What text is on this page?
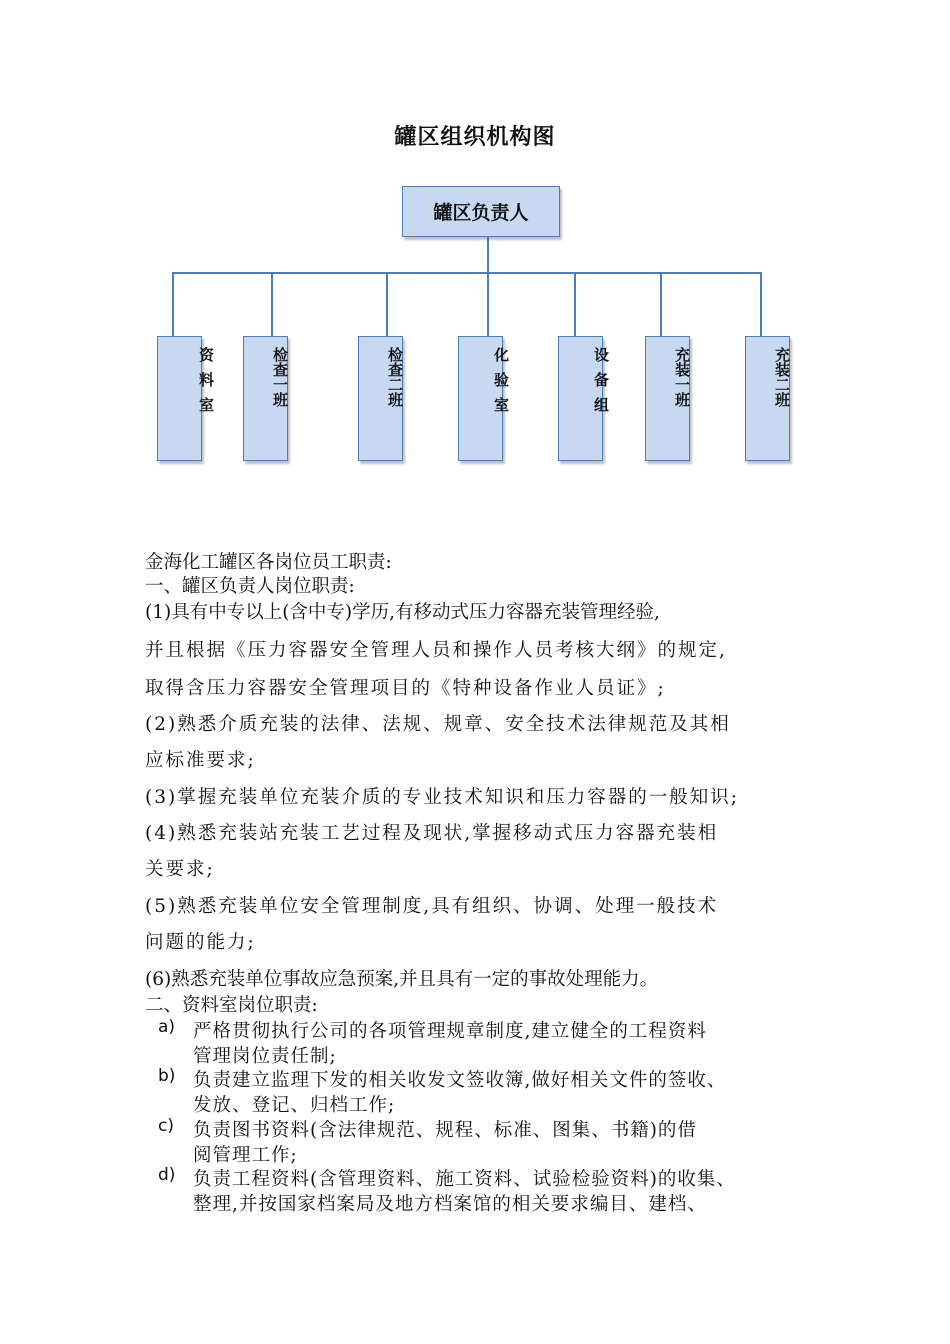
罐区组织机构图
罐区负责人
资料室	检查一班	检查二班	化验室	设备组	充装一班	充装二班
金海化工罐区各岗位员工职责:
一、罐区负责人岗位职责:
(1)具有中专以上(含中专)学历,有移动式压力容器充装管理经验,
并且根据《压力容器安全管理人员和操作人员考核大纲》的规定,
取得含压力容器安全管理项目的《特种设备作业人员证》;
(2)熟悉介质充装的法律、法规、规章、安全技术法律规范及其相
应标准要求;
(3)掌握充装单位充装介质的专业技术知识和压力容器的一般知识;
(4)熟悉充装站充装工艺过程及现状,掌握移动式压力容器充装相
关要求;
(5)熟悉充装单位安全管理制度,具有组织、协调、处理一般技术
问题的能力;
(6)熟悉充装单位事故应急预案,并且具有一定的事故处理能力。
二、资料室岗位职责:
a) 严格贯彻执行公司的各项管理规章制度,建立健全的工程资料
管理岗位责任制;
b) 负责建立监理下发的相关收发文签收簿,做好相关文件的签收、
发放、登记、归档工作;
c)	负责图书资料(含法律规范、规程、标准、图集、书籍)的借
阅管理工作;
d) 负责工程资料(含管理资料、施工资料、试验检验资料)的收集、
整理,并按国家档案局及地方档案馆的相关要求编目、建档、
